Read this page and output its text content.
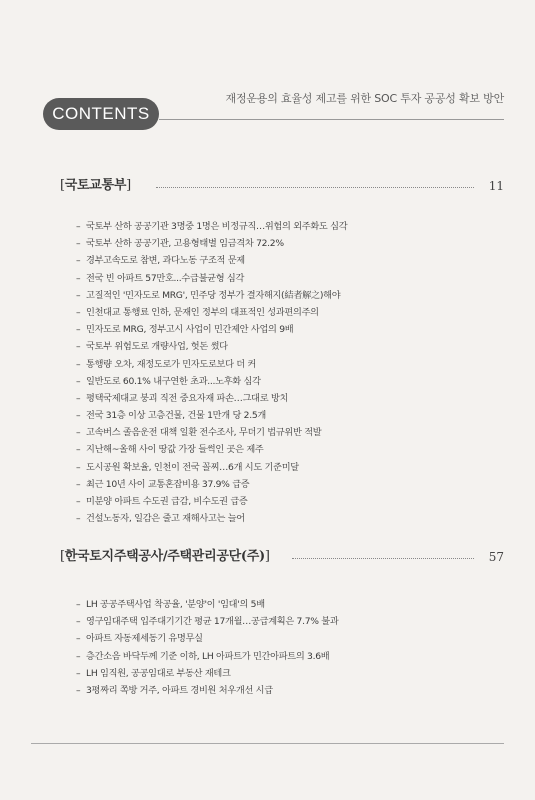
재정운용의 효율성 제고를 위한 SOC 투자 공공성 확보 방안
CONTENTS
[국토교통부]	11
– 국토부 산하 공공기관 3명중 1명은 비정규직…위험의 외주화도 심각
– 국토부 산하 공공기관, 고용형태별 임금격차 72.2%
– 경부고속도로 참변, 과다노동 구조적 문제
– 전국 빈 아파트 57만호...수급불균형 심각
– 고질적인 '민자도로 MRG', 민주당 정부가 결자해지(結者解之)해야
– 인천대교 통행료 인하, 문재인 정부의 대표적인 성과편의주의
– 민자도로 MRG, 정부고시 사업이 민간제안 사업의 9배
– 국토부 위험도로 개량사업, 헛돈 썼다
– 통행량 오차, 재정도로가 민자도로보다 더 커
– 일반도로 60.1% 내구연한 초과...노후화 심각
– 평택국제대교 붕괴 직전 중요자재 파손…그대로 방치
– 전국 31층 이상 고층건물, 건물 1만개 당 2.5개
– 고속버스 졸음운전 대책 일환 전수조사, 무더기 법규위반 적발
– 지난해~올해 사이 땅값 가장 들썩인 곳은 제주
– 도시공원 확보율, 인천이 전국 꼴찌…6개 시도 기준미달
– 최근 10년 사이 교통혼잡비용 37.9% 급증
– 미분양 아파트 수도권 급감, 비수도권 급증
– 건설노동자, 일감은 줄고 재해사고는 늘어
[한국토지주택공사/주택관리공단(주)]	57
– LH 공공주택사업 착공율, '분양'이 '임대'의 5배
– 영구임대주택 입주대기기간 평균 17개월…공급계획은 7.7% 불과
– 아파트 자동제세동기 유명무실
– 층간소음 바닥두께 기준 이하, LH 아파트가 민간아파트의 3.6배
– LH 임직원, 공공임대로 부동산 재테크
– 3평짜리 쪽방 거주, 아파트 경비원 처우개선 시급
